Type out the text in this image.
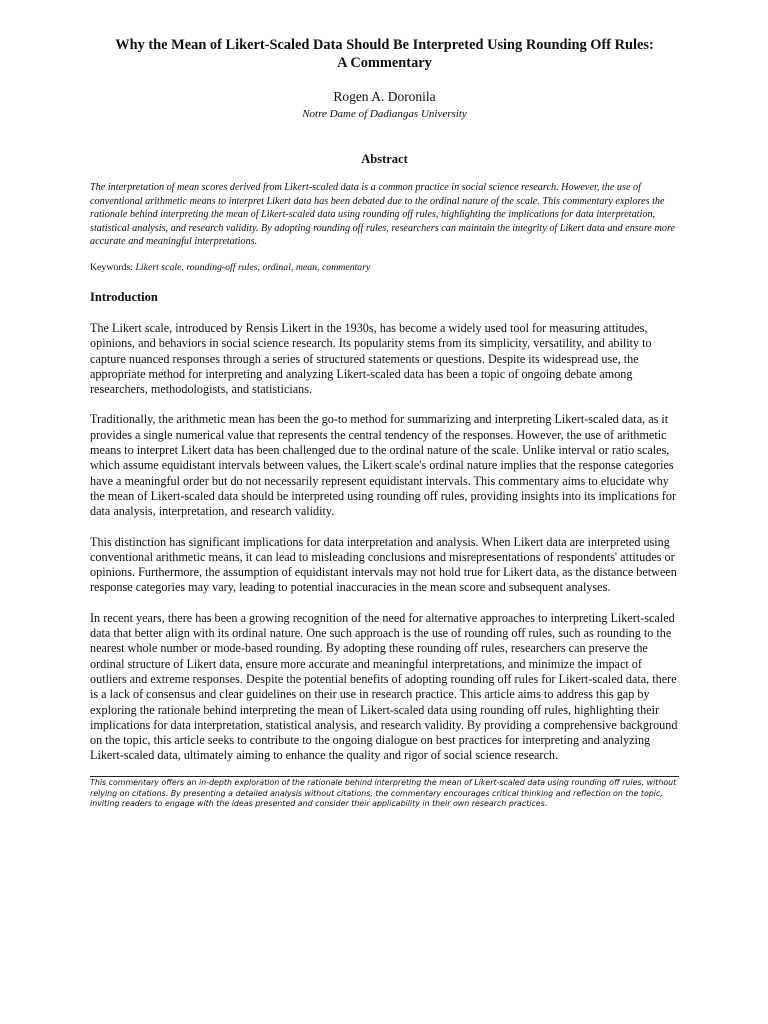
Why the Mean of Likert-Scaled Data Should Be Interpreted Using Rounding Off Rules:
A Commentary
Rogen A. Doronila
Notre Dame of Dadiangas University
Abstract
The interpretation of mean scores derived from Likert-scaled data is a common practice in social science research. However, the use of conventional arithmetic means to interpret Likert data has been debated due to the ordinal nature of the scale. This commentary explores the rationale behind interpreting the mean of Likert-scaled data using rounding off rules, highlighting the implications for data interpretation, statistical analysis, and research validity. By adopting rounding off rules, researchers can maintain the integrity of Likert data and ensure more accurate and meaningful interpretations.
Keywords: Likert scale, rounding-off rules, ordinal, mean, commentary
Introduction

The Likert scale, introduced by Rensis Likert in the 1930s, has become a widely used tool for measuring attitudes, opinions, and behaviors in social science research. Its popularity stems from its simplicity, versatility, and ability to capture nuanced responses through a series of structured statements or questions. Despite its widespread use, the appropriate method for interpreting and analyzing Likert-scaled data has been a topic of ongoing debate among researchers, methodologists, and statisticians.

Traditionally, the arithmetic mean has been the go-to method for summarizing and interpreting Likert-scaled data, as it provides a single numerical value that represents the central tendency of the responses. However, the use of arithmetic means to interpret Likert data has been challenged due to the ordinal nature of the scale. Unlike interval or ratio scales, which assume equidistant intervals between values, the Likert scale's ordinal nature implies that the response categories have a meaningful order but do not necessarily represent equidistant intervals. This commentary aims to elucidate why the mean of Likert-scaled data should be interpreted using rounding off rules, providing insights into its implications for data analysis, interpretation, and research validity.

This distinction has significant implications for data interpretation and analysis. When Likert data are interpreted using conventional arithmetic means, it can lead to misleading conclusions and misrepresentations of respondents' attitudes or opinions. Furthermore, the assumption of equidistant intervals may not hold true for Likert data, as the distance between response categories may vary, leading to potential inaccuracies in the mean score and subsequent analyses.

In recent years, there has been a growing recognition of the need for alternative approaches to interpreting Likert-scaled data that better align with its ordinal nature. One such approach is the use of rounding off rules, such as rounding to the nearest whole number or mode-based rounding. By adopting these rounding off rules, researchers can preserve the ordinal structure of Likert data, ensure more accurate and meaningful interpretations, and minimize the impact of outliers and extreme responses. Despite the potential benefits of adopting rounding off rules for Likert-scaled data, there is a lack of consensus and clear guidelines on their use in research practice. This article aims to address this gap by exploring the rationale behind interpreting the mean of Likert-scaled data using rounding off rules, highlighting their implications for data interpretation, statistical analysis, and research validity. By providing a comprehensive background on the topic, this article seeks to contribute to the ongoing dialogue on best practices for interpreting and analyzing Likert-scaled data, ultimately aiming to enhance the quality and rigor of social science research.

This commentary offers an in-depth exploration of the rationale behind interpreting the mean of Likert-scaled data using rounding off rules, without relying on citations. By presenting a detailed analysis without citations, the commentary encourages critical thinking and reflection on the topic, inviting readers to engage with the ideas presented and consider their applicability in their own research practices.
